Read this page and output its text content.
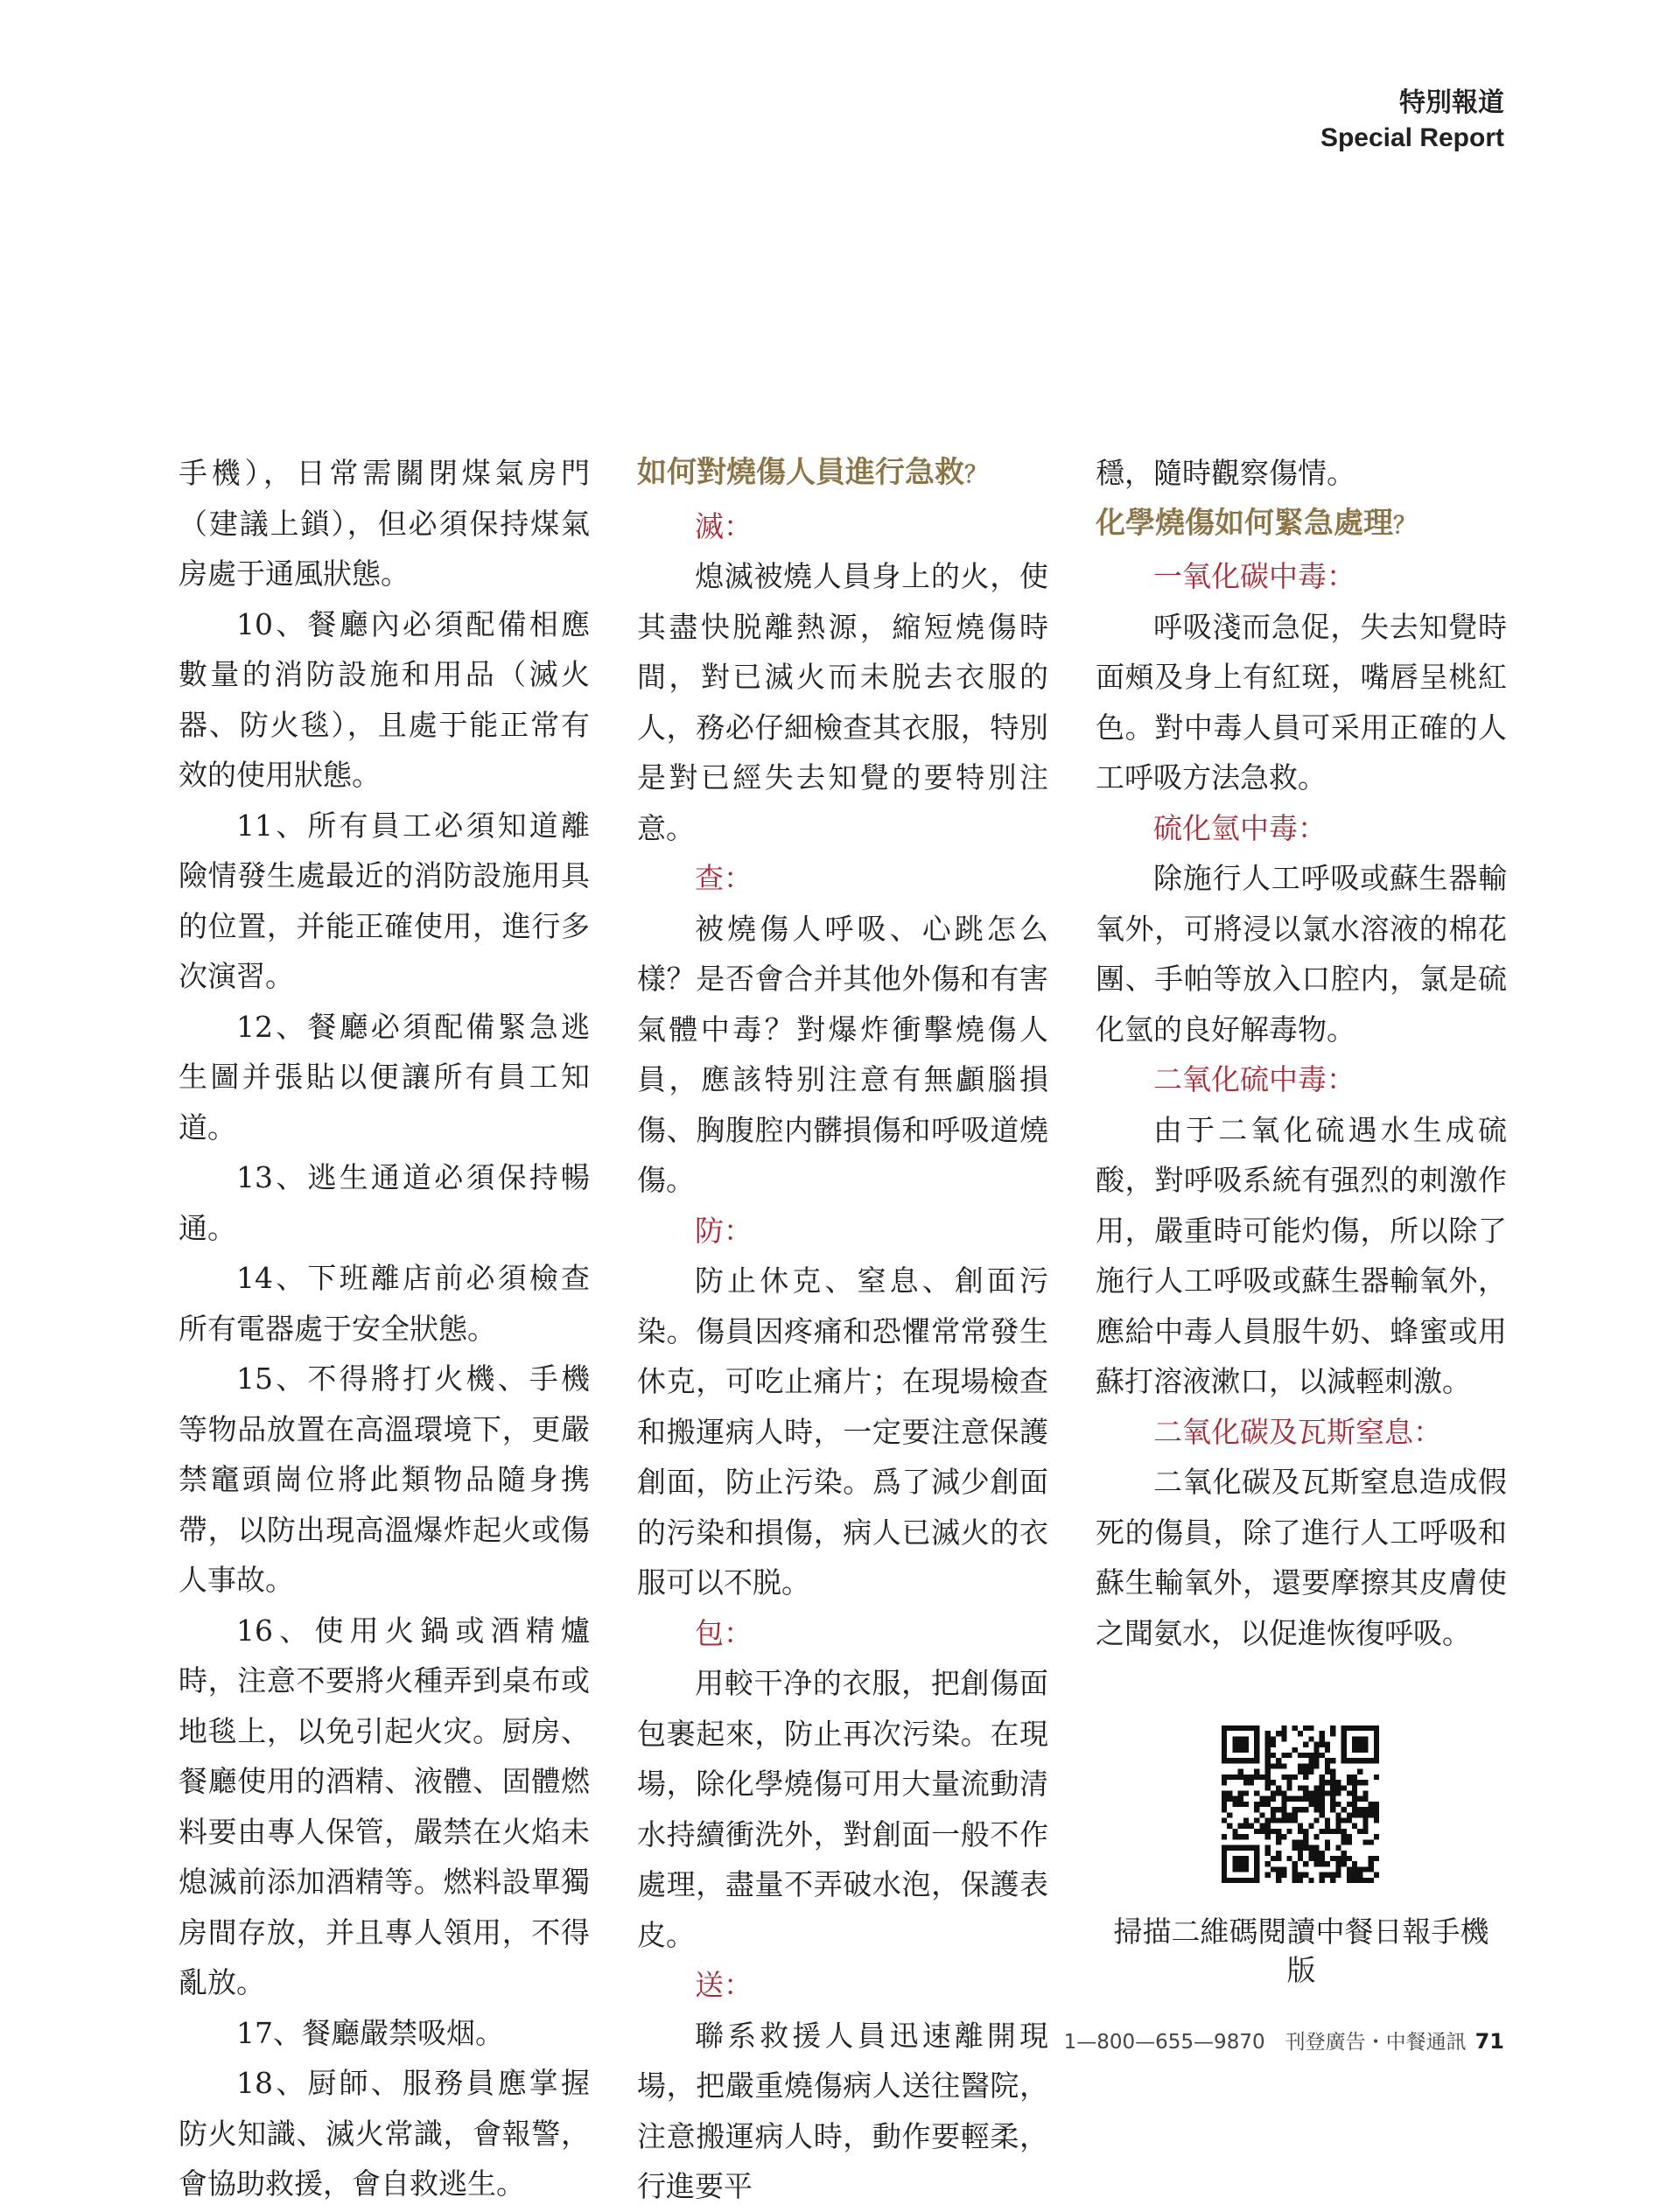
特別報道
Special Report

手機），日常需關閉煤氣房門（建議上鎖），但必須保持煤氣房處于通風狀態。

10、餐廳內必須配備相應數量的消防設施和用品（滅火器、防火毯），且處于能正常有效的使用狀態。

11、所有員工必須知道離險情發生處最近的消防設施用具的位置，并能正確使用，進行多次演習。

12、餐廳必須配備緊急逃生圖并張貼以便讓所有員工知道。

13、逃生通道必須保持暢通。

14、下班離店前必須檢查所有電器處于安全狀態。

15、不得將打火機、手機等物品放置在高溫環境下，更嚴禁竈頭崗位將此類物品隨身携　帶，以防出現高溫爆炸起火或傷人事故。

16、使用火鍋或酒精爐時，注意不要將火種弄到桌布或地毯上，以免引起火灾。厨房、餐廳使用的酒精、液體、固體燃料要由專人保管，嚴禁在火焰未熄滅前添加酒精等。燃料設單獨房間存放，并且專人領用，不得亂放。

17、餐廳嚴禁吸烟。

18、厨師、服務員應掌握防火知識、滅火常識，會報警，會協助救援，會自救逃生。

如何對燒傷人員進行急救？

滅：

熄滅被燒人員身上的火，使其盡快脱離熱源，縮短燒傷時間，對已滅火而未脱去衣服的人，務必仔細檢查其衣服，特別是對已經失去知覺的要特別注意。

查：

被燒傷人呼吸、心跳怎么樣？是否會合并其他外傷和有害氣體中毒？對爆炸衝擊燒傷人員，應該特别注意有無顱腦損傷、胸腹腔内髒損傷和呼吸道燒傷。

防：

防止休克、窒息、創面污染。傷員因疼痛和恐懼常常發生休克，可吃止痛片；在現場檢查和搬運病人時，一定要注意保護創面，防止污染。爲了減少創面的污染和損傷，病人已滅火的衣服可以不脱。

包：

用較干净的衣服，把創傷面包裹起來，防止再次污染。在現場，除化學燒傷可用大量流動清水持續衝洗外，對創面一般不作處理，盡量不弄破水泡，保護表皮。

送：

聯系救援人員迅速離開現場，把嚴重燒傷病人送往醫院，注意搬運病人時，動作要輕柔，行進要平

穩，隨時觀察傷情。

化學燒傷如何緊急處理？

一氧化碳中毒：

呼吸淺而急促，失去知覺時面頰及身上有紅斑，嘴唇呈桃紅色。對中毒人員可采用正確的人工呼吸方法急救。

硫化氫中毒：

除施行人工呼吸或蘇生器輸氧外，可將浸以氯水溶液的棉花團、手帕等放入口腔内，氯是硫化氫的良好解毒物。

二氧化硫中毒：

由于二氧化硫遇水生成硫酸，對呼吸系統有强烈的刺激作用，嚴重時可能灼傷，所以除了施行人工呼吸或蘇生器輸氧外，應給中毒人員服牛奶、蜂蜜或用蘇打溶液漱口，以減輕刺激。

二氧化碳及瓦斯窒息：

二氧化碳及瓦斯窒息造成假死的傷員，除了進行人工呼吸和蘇生輸氧外，還要摩擦其皮膚使之聞氨水，以促進恢復呼吸。

掃描二維碼閱讀中餐日報手機版
1—800—655—9870　刊登廣告・中餐通訊 71
